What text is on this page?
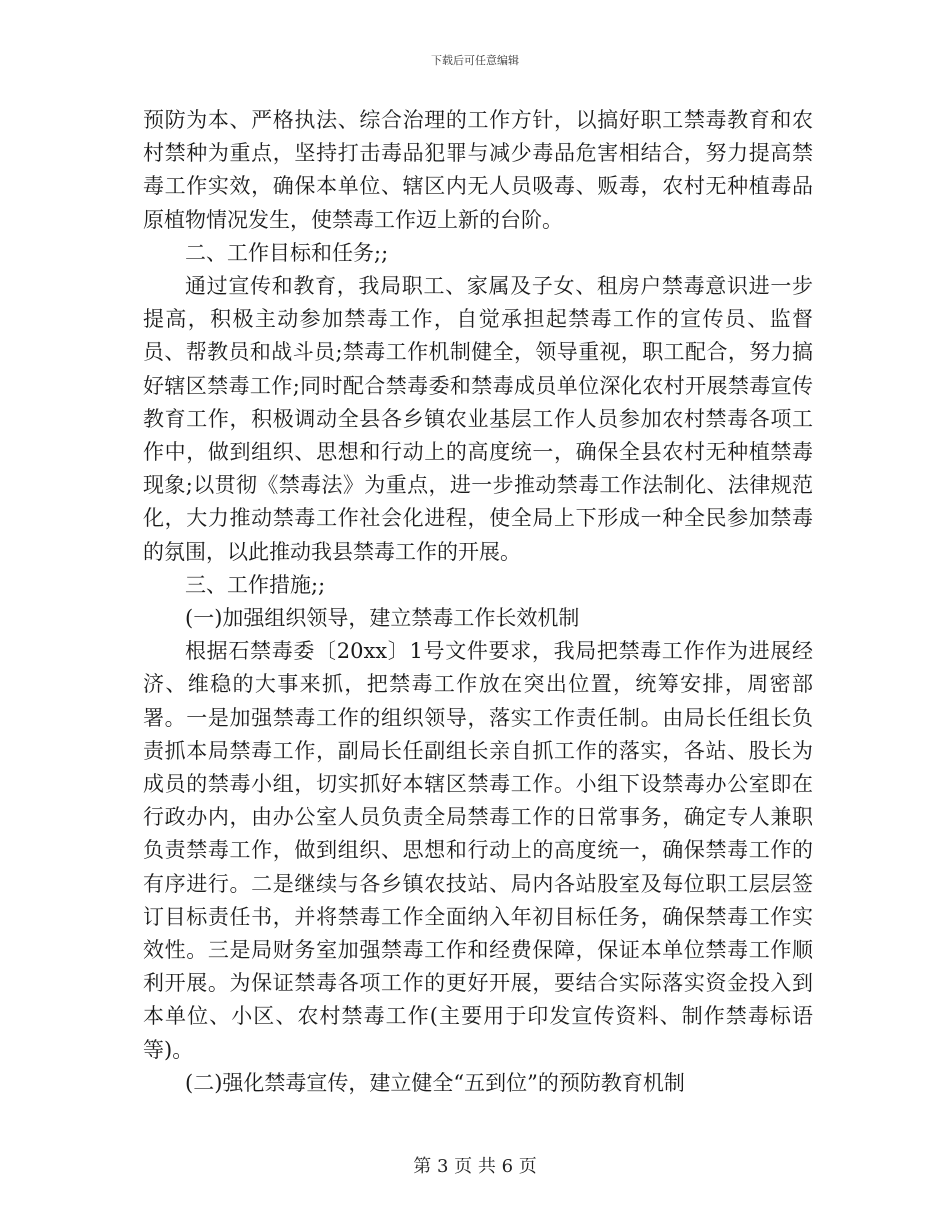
下载后可任意编辑

预防为本、严格执法、综合治理的工作方针，以搞好职工禁毒教育和农村禁种为重点，坚持打击毒品犯罪与减少毒品危害相结合，努力提高禁毒工作实效，确保本单位、辖区内无人员吸毒、贩毒，农村无种植毒品原植物情况发生，使禁毒工作迈上新的台阶。

二、工作目标和任务;;

通过宣传和教育，我局职工、家属及子女、租房户禁毒意识进一步提高，积极主动参加禁毒工作，自觉承担起禁毒工作的宣传员、监督员、帮教员和战斗员;禁毒工作机制健全，领导重视，职工配合，努力搞好辖区禁毒工作;同时配合禁毒委和禁毒成员单位深化农村开展禁毒宣传教育工作，积极调动全县各乡镇农业基层工作人员参加农村禁毒各项工作中，做到组织、思想和行动上的高度统一，确保全县农村无种植禁毒现象;以贯彻《禁毒法》为重点，进一步推动禁毒工作法制化、法律规范化，大力推动禁毒工作社会化进程，使全局上下形成一种全民参加禁毒的氛围，以此推动我县禁毒工作的开展。

三、工作措施;;

(一)加强组织领导，建立禁毒工作长效机制

根据石禁毒委〔20xx〕1号文件要求，我局把禁毒工作作为进展经济、维稳的大事来抓，把禁毒工作放在突出位置，统筹安排，周密部署。一是加强禁毒工作的组织领导，落实工作责任制。由局长任组长负责抓本局禁毒工作，副局长任副组长亲自抓工作的落实，各站、股长为成员的禁毒小组，切实抓好本辖区禁毒工作。小组下设禁毒办公室即在行政办内，由办公室人员负责全局禁毒工作的日常事务，确定专人兼职负责禁毒工作，做到组织、思想和行动上的高度统一，确保禁毒工作的有序进行。二是继续与各乡镇农技站、局内各站股室及每位职工层层签订目标责任书，并将禁毒工作全面纳入年初目标任务，确保禁毒工作实效性。三是局财务室加强禁毒工作和经费保障，保证本单位禁毒工作顺利开展。为保证禁毒各项工作的更好开展，要结合实际落实资金投入到本单位、小区、农村禁毒工作(主要用于印发宣传资料、制作禁毒标语等)。

(二)强化禁毒宣传，建立健全“五到位”的预防教育机制

第 3 页 共 6 页
